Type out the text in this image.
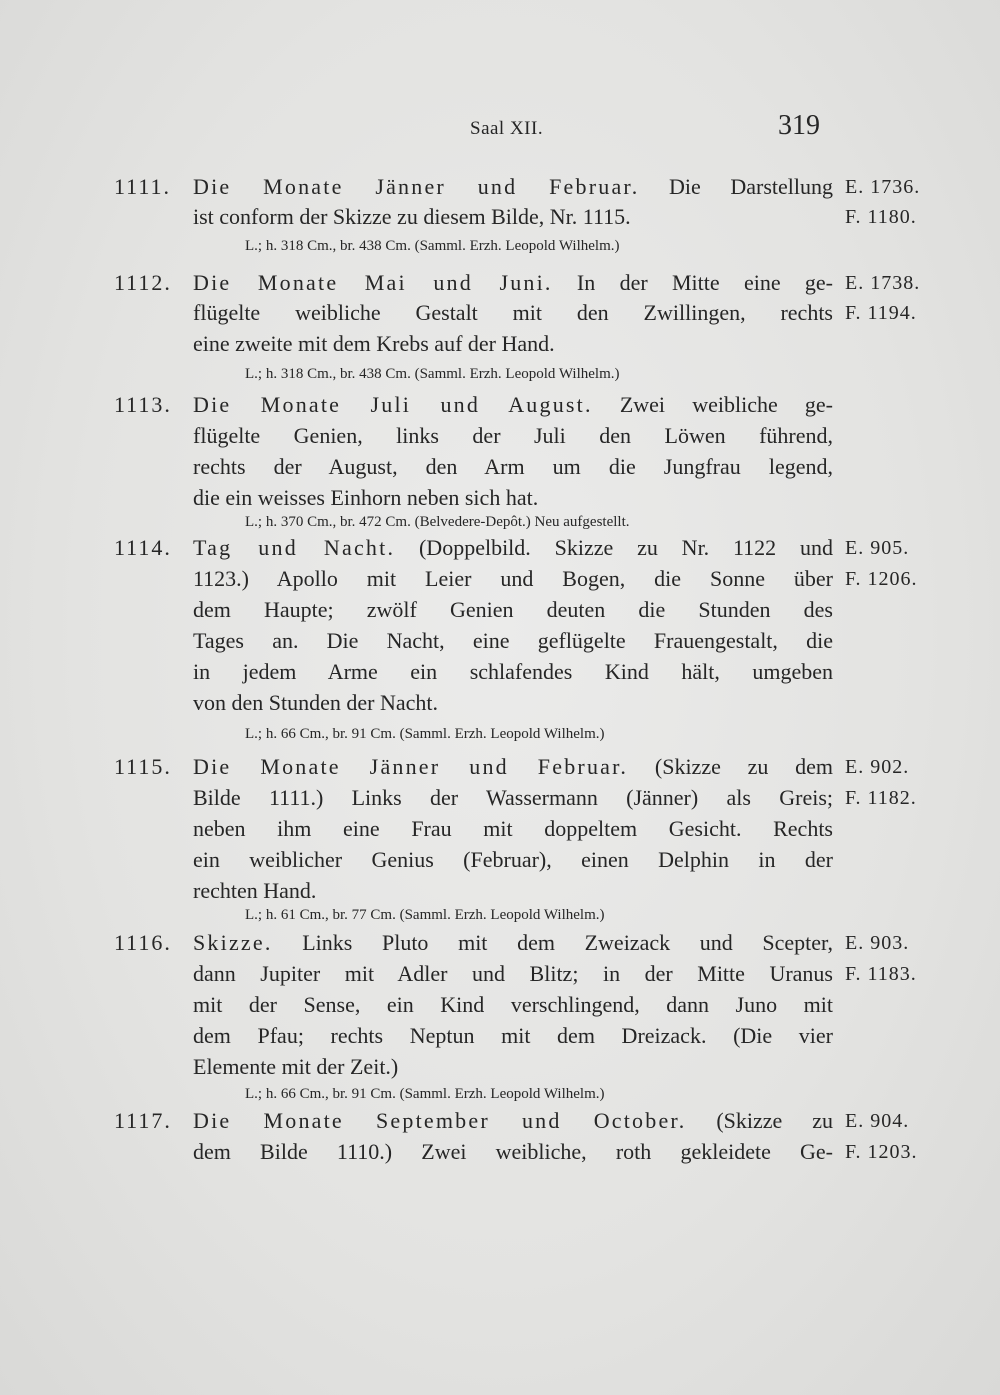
Saal XII.	319
1111. Die Monate Jänner und Februar. Die Darstellung
ist conform der Skizze zu diesem Bilde, Nr. 1115.
L.; h. 318 Cm., br. 438 Cm. (Samml. Erzh. Leopold Wilhelm.)
E. 1736.
F. 1180.
1112. Die Monate Mai und Juni. In der Mitte eine ge-
flügelte weibliche Gestalt mit den Zwillingen, rechts
eine zweite mit dem Krebs auf der Hand.
L.; h. 318 Cm., br. 438 Cm. (Samml. Erzh. Leopold Wilhelm.)
E. 1738.
F. 1194.
1113. Die Monate Juli und August. Zwei weibliche ge-
flügelte Genien, links der Juli den Löwen führend,
rechts der August, den Arm um die Jungfrau legend,
die ein weisses Einhorn neben sich hat.
L.; h. 370 Cm., br. 472 Cm. (Belvedere-Depôt.) Neu aufgestellt.
1114. Tag und Nacht. (Doppelbild. Skizze zu Nr. 1122 und
1123.) Apollo mit Leier und Bogen, die Sonne über
dem Haupte; zwölf Genien deuten die Stunden des
Tages an. Die Nacht, eine geflügelte Frauengestalt, die
in jedem Arme ein schlafendes Kind hält, umgeben
von den Stunden der Nacht.
L.; h. 66 Cm., br. 91 Cm. (Samml. Erzh. Leopold Wilhelm.)
E. 905.
F. 1206.
1115. Die Monate Jänner und Februar. (Skizze zu dem
Bilde 1111.) Links der Wassermann (Jänner) als Greis;
neben ihm eine Frau mit doppeltem Gesicht. Rechts
ein weiblicher Genius (Februar), einen Delphin in der
rechten Hand.
L.; h. 61 Cm., br. 77 Cm. (Samml. Erzh. Leopold Wilhelm.)
E. 902.
F. 1182.
1116. Skizze. Links Pluto mit dem Zweizack und Scepter,
dann Jupiter mit Adler und Blitz; in der Mitte Uranus
mit der Sense, ein Kind verschlingend, dann Juno mit
dem Pfau; rechts Neptun mit dem Dreizack. (Die vier
Elemente mit der Zeit.)
L.; h. 66 Cm., br. 91 Cm. (Samml. Erzh. Leopold Wilhelm.)
E. 903.
F. 1183.
1117. Die Monate September und October. (Skizze zu
dem Bilde 1110.) Zwei weibliche, roth gekleidete Ge-
E. 904.
F. 1203.
